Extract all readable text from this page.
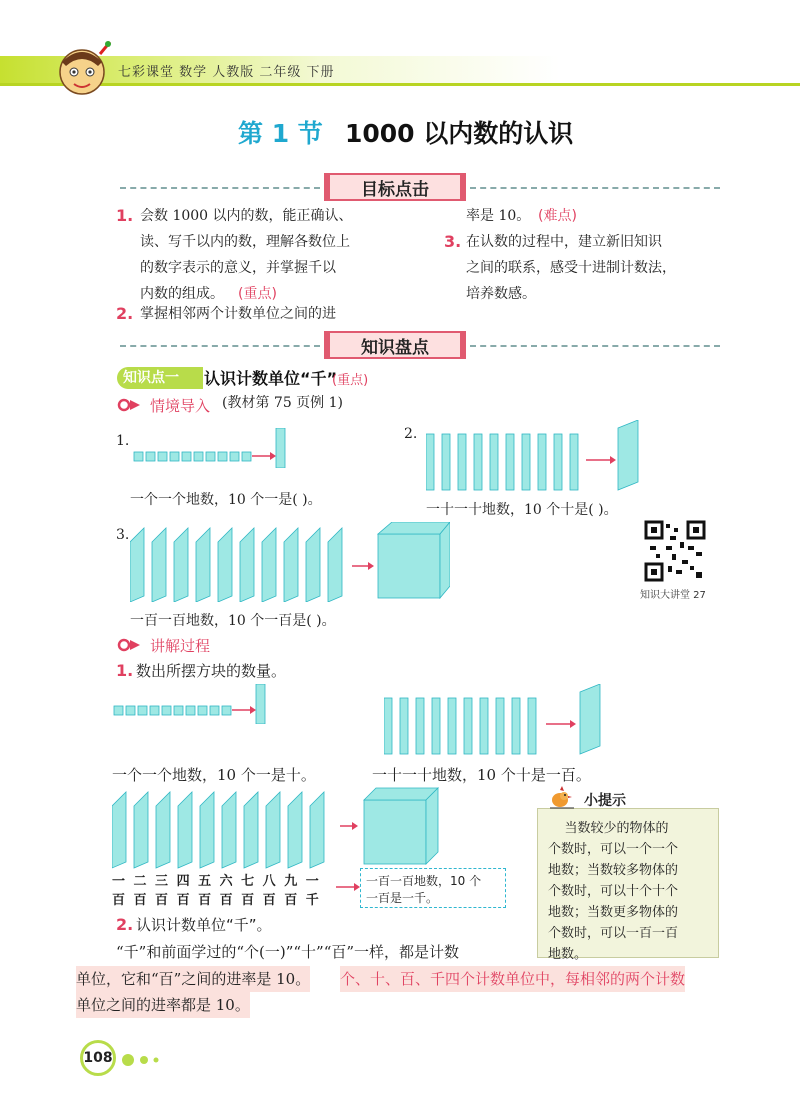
七彩课堂 数学 人教版 二年级 下册
第 1 节 1000 以内数的认识
目标点击
1. 会数 1000 以内的数，能正确认、
读、写千以内的数，理解各数位上
的数字表示的意义，并掌握千以
内数的组成。 (重点)
2. 掌握相邻两个计数单位之间的进
率是 10。 (难点)
3. 在认数的过程中，建立新旧知识
之间的联系，感受十进制计数法，
培养数感。
知识盘点
知识点一	认识计数单位“千”
(重点)
情境导入 (教材第 75 页例 1)
1.
一个一个地数，10 个一是( )。
2.
一十一十地数，10 个十是( )。
3.
一百一百地数，10 个一百是( )。
知识大讲堂 27
讲解过程
1. 数出所摆方块的数量。
一个一个地数，10 个一是十。	一十一十地数，10 个十是一百。
一 二 三 四 五 六 七 八 九 一
百 百 百 百 百 百 百 百 百 千
一百一百地数，10 个
一百是一千。
小提示
当数较少的物体的
个数时，可以一个一个
地数；当数较多物体的
个数时，可以十个十个
地数；当数更多物体的
个数时，可以一百一百
地数。
2. 认识计数单位“千”。
“千”和前面学过的“个(一)”“十”“百”一样，都是计数
单位，它和“百”之间的进率是 10。 个、十、百、千四个计数单位中，每相邻的两个计数
单位之间的进率都是 10。
108
